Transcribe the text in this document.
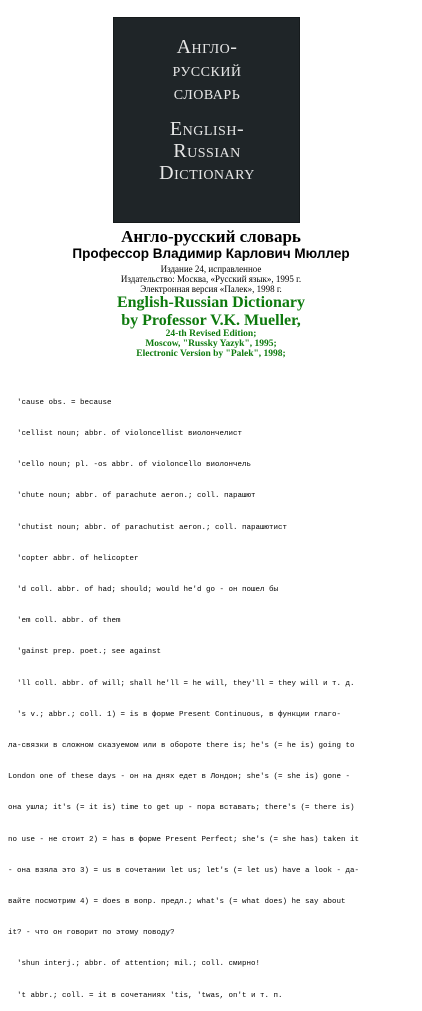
Англо-
русский
словарь
English-
Russian
Dictionary
Англо-русский словарь
Профессор Владимир Карлович Мюллер
Издание 24, исправленное
Издательство: Москва, «Русский язык», 1995 г.
Электронная версия «Палек», 1998 г.
English-Russian Dictionary
by Professor V.K. Mueller,
24-th Revised Edition;
Moscow, "Russky Yazyk", 1995;
Electronic Version by "Palek", 1998;

'cause obs. = because

'cellist noun; abbr. of violoncellist виолончелист

'cello noun; pl. -os abbr. of violoncello виолончель

'chute noun; abbr. of parachute aeron.; coll. парашют

'chutist noun; abbr. of parachutist aeron.; coll. парашютист

'copter abbr. of helicopter

'd coll. abbr. of had; should; would he'd go - он пошел бы

'em coll. abbr. of them

'gainst prep. poet.; see against

'll coll. abbr. of will; shall he'll = he will, they'll = they will и т. д.

's v.; abbr.; coll. 1) = is в форме Present Continuous, в функции глаго-

ла-связки в сложном сказуемом или в обороте there is; he's (= he is) going to

London one of these days - он на днях едет в Лондон; she's (= she is) gone -

она ушла; it's (= it is) time to get up - пора вставать; there's (= there is)

no use - не стоит 2) = has в форме Present Perfect; she's (= she has) taken it

- она взяла это 3) = us в сочетании let us; let's (= let us) have a look - да-

вайте посмотрим 4) = does в вопр. предл.; what's (= what does) he say about

it? - что он говорит по этому поводу?

'shun interj.; abbr. of attention; mil.; coll. смирно!

't abbr.; coll. = it в сочетаниях 'tis, 'twas, on't и т. п.
